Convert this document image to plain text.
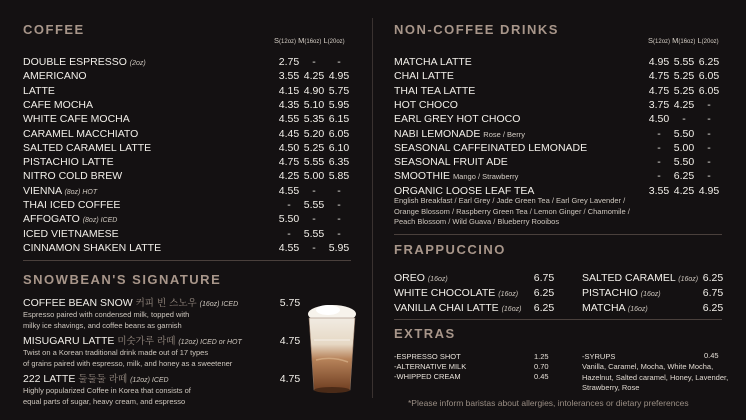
COFFEE
S(12oz) M(16oz) L(20oz)
DOUBLE ESPRESSO (2oz)	2.75	-	-
AMERICANO	3.55 4.25 4.95
LATTE	4.15 4.90 5.75
CAFE MOCHA	4.35 5.10 5.95
WHITE CAFE MOCHA	4.55 5.35 6.15
CARAMEL MACCHIATO	4.45 5.20 6.05
SALTED CARAMEL LATTE	4.50 5.25 6.10
PISTACHIO LATTE	4.75 5.55 6.35
NITRO COLD BREW	4.25 5.00 5.85
VIENNA (8oz) HOT	4.55	-	-
THAI ICED COFFEE	-	5.55	-
AFFOGATO (8oz) ICED	5.50	-	-
ICED VIETNAMESE	-	5.55	-
CINNAMON SHAKEN LATTE	4.55	-	5.95
SNOWBEAN'S SIGNATURE
COFFEE BEAN SNOW 커피 빈 스노우 (16oz) ICED	5.75
Espresso paired with condensed milk, topped with
milky ice shavings, and coffee beans as garnish
MISUGARU LATTE 미숫가루 라떼 (12oz) ICED or HOT	4.75
Twist on a Korean traditional drink made out of 17 types
of grains paired with espresso, milk, and honey as a sweetener
222 LATTE 둘둘둘 라떼 (12oz) ICED	4.75
Highly popularized Coffee in Korea that consists of
equal parts of sugar, heavy cream, and espresso
NON-COFFEE DRINKS
S(12oz) M(16oz) L(20oz)
MATCHA LATTE	4.95 5.55 6.25
CHAI LATTE	4.75 5.25 6.05
THAI TEA LATTE	4.75 5.25 6.05
HOT CHOCO	3.75 4.25	-
EARL GREY HOT CHOCO	4.50	-	-
NABI LEMONADE Rose / Berry	-	5.50	-
SEASONAL CAFFEINATED LEMONADE	-	5.00	-
SEASONAL FRUIT ADE	-	5.50	-
SMOOTHIE Mango / Strawberry	-	6.25	-
ORGANIC LOOSE LEAF TEA	3.55 4.25 4.95
English Breakfast / Earl Grey / Jade Green Tea / Earl Grey Lavender /
Orange Blossom / Raspberry Green Tea / Lemon Ginger / Chamomile /
Peach Blossom / Wild Guava / Blueberry Rooibos
FRAPPUCCINO
OREO (16oz)	6.75
WHITE CHOCOLATE (16oz) 6.25
VANILLA CHAI LATTE (16oz) 6.25
SALTED CARAMEL (16oz) 6.25
PISTACHIO (16oz)	6.75
MATCHA (16oz)	6.25
EXTRAS
-ESPRESSO SHOT	1.25
-ALTERNATIVE MILK	0.70
-WHIPPED CREAM	0.45
-SYRUPS	0.45
Vanilla, Caramel, Mocha, White Mocha,
Hazelnut, Salted caramel, Honey, Lavender,
Strawberry, Rose
*Please inform baristas about allergies, intolerances or dietary preferences
